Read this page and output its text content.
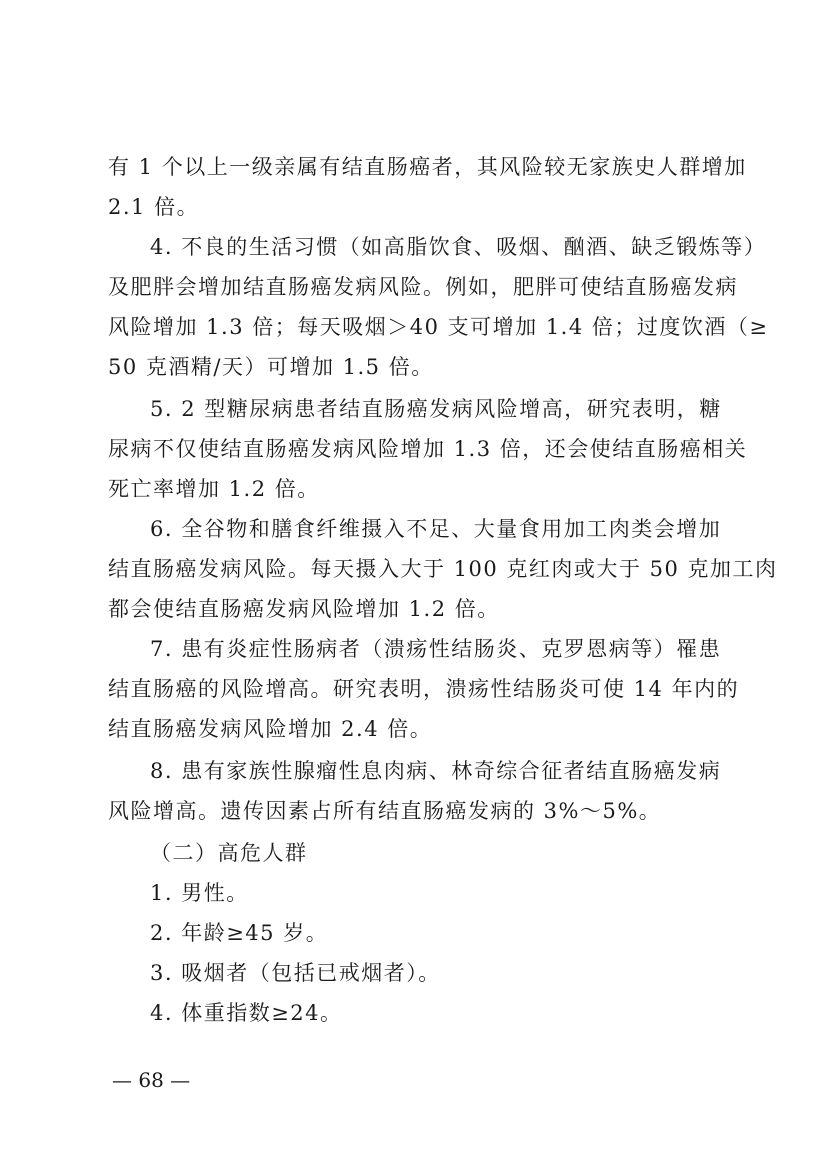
有 1 个以上一级亲属有结直肠癌者，其风险较无家族史人群增加
2.1 倍。
4. 不良的生活习惯（如高脂饮食、吸烟、酗酒、缺乏锻炼等）
及肥胖会增加结直肠癌发病风险。例如，肥胖可使结直肠癌发病
风险增加 1.3 倍；每天吸烟＞40 支可增加 1.4 倍；过度饮酒（≥
50 克酒精/天）可增加 1.5 倍。
5. 2 型糖尿病患者结直肠癌发病风险增高，研究表明，糖
尿病不仅使结直肠癌发病风险增加 1.3 倍，还会使结直肠癌相关
死亡率增加 1.2 倍。
6. 全谷物和膳食纤维摄入不足、大量食用加工肉类会增加
结直肠癌发病风险。每天摄入大于 100 克红肉或大于 50 克加工肉
都会使结直肠癌发病风险增加 1.2 倍。
7. 患有炎症性肠病者（溃疡性结肠炎、克罗恩病等）罹患
结直肠癌的风险增高。研究表明，溃疡性结肠炎可使 14 年内的
结直肠癌发病风险增加 2.4 倍。
8. 患有家族性腺瘤性息肉病、林奇综合征者结直肠癌发病
风险增高。遗传因素占所有结直肠癌发病的 3%～5%。
（二）高危人群
1. 男性。
2. 年龄≥45 岁。
3. 吸烟者（包括已戒烟者）。
4. 体重指数≥24。
— 68 —
